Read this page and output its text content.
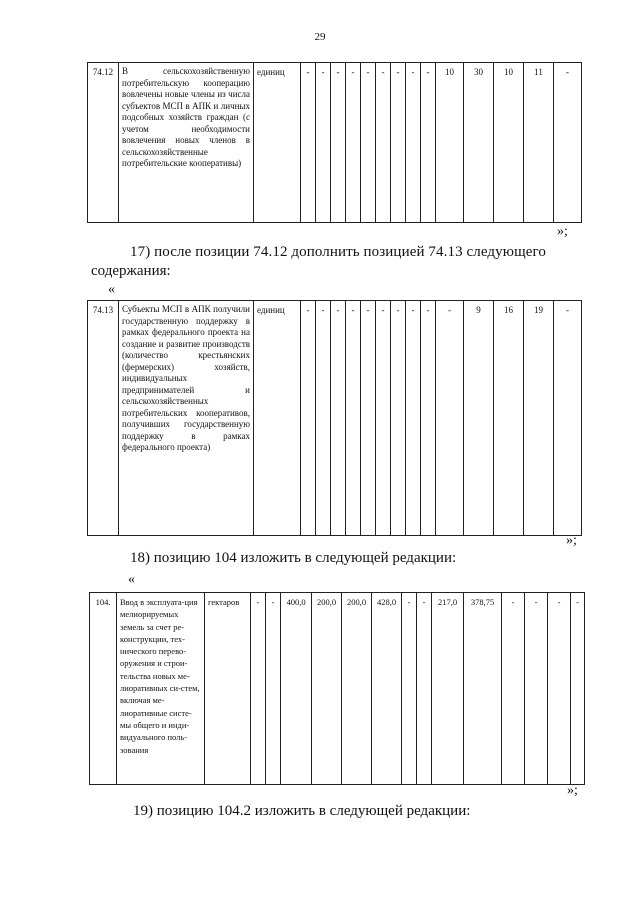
29
74.12	В сельскохозяйственную потребительскую кооперацию вовлечены новые члены из числа субъектов МСП в АПК и личных подсобных хозяйств граждан (с учетом необходимости вовлечения новых членов в сельскохозяйственные потребительские кооперативы)	единиц	-	-	-	-	-	-	-	-	-	10	30	10	11	-
»;
17) после позиции 74.12 дополнить позицией 74.13 следующего
содержания:
«
74.13	Субъекты МСП в АПК получили государственную поддержку в рамках федерального проекта на создание и развитие производств (количество крестьянских (фермерских) хозяйств, индивидуальных предпринимателей и сельскохозяйственных потребительских кооперативов, получивших государственную поддержку в рамках федерального проекта)	единиц	-	-	-	-	-	-	-	-	-	-	9	16	19	-
»;
18) позицию 104 изложить в следующей редакции:
«
104.	Ввод в эксплуата-ция мелиорируемых земель за счет ре-конструкции, тех-нического перево-оружения и строи-тельства новых ме-лиоративных си-стем, включая ме-лиоративные систе-мы общего и инди-видуального поль-зования	гектаров	-	-	400,0	200,0	200,0	428,0	-	-	217,0	378,75	-	-	-	-
»;
19) позицию 104.2 изложить в следующей редакции:
